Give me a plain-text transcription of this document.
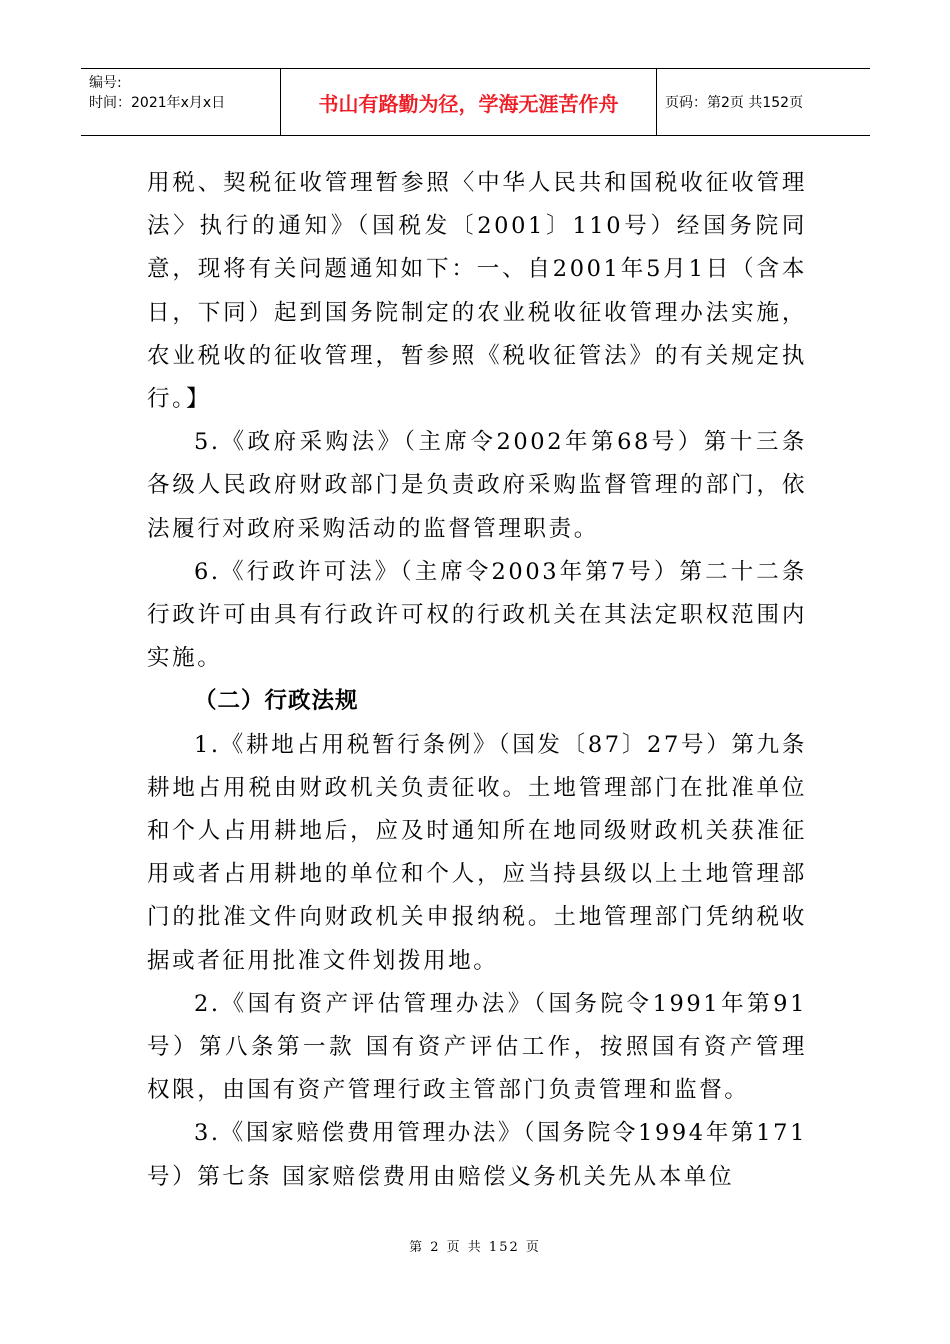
编号:
时间：2021年x月x日	书山有路勤为径，学海无涯苦作舟	页码：第2页 共152页

用税、契税征收管理暂参照〈中华人民共和国税收征收管理法〉执行的通知》（国税发〔2001〕110号）经国务院同意，现将有关问题通知如下：一、自2001年5月1日（含本日，下同）起到国务院制定的农业税收征收管理办法实施，农业税收的征收管理，暂参照《税收征管法》的有关规定执行。】

5.《政府采购法》（主席令2002年第68号）第十三条 各级人民政府财政部门是负责政府采购监督管理的部门，依法履行对政府采购活动的监督管理职责。

6.《行政许可法》（主席令2003年第7号）第二十二条 行政许可由具有行政许可权的行政机关在其法定职权范围内实施。

（二）行政法规

1.《耕地占用税暂行条例》（国发〔87〕27号）第九条 耕地占用税由财政机关负责征收。土地管理部门在批准单位和个人占用耕地后，应及时通知所在地同级财政机关获准征用或者占用耕地的单位和个人，应当持县级以上土地管理部门的批准文件向财政机关申报纳税。土地管理部门凭纳税收据或者征用批准文件划拨用地。

2.《国有资产评估管理办法》（国务院令1991年第91号）第八条第一款 国有资产评估工作，按照国有资产管理权限，由国有资产管理行政主管部门负责管理和监督。

3.《国家赔偿费用管理办法》（国务院令1994年第171号）第七条 国家赔偿费用由赔偿义务机关先从本单位

第 2 页 共 152 页
